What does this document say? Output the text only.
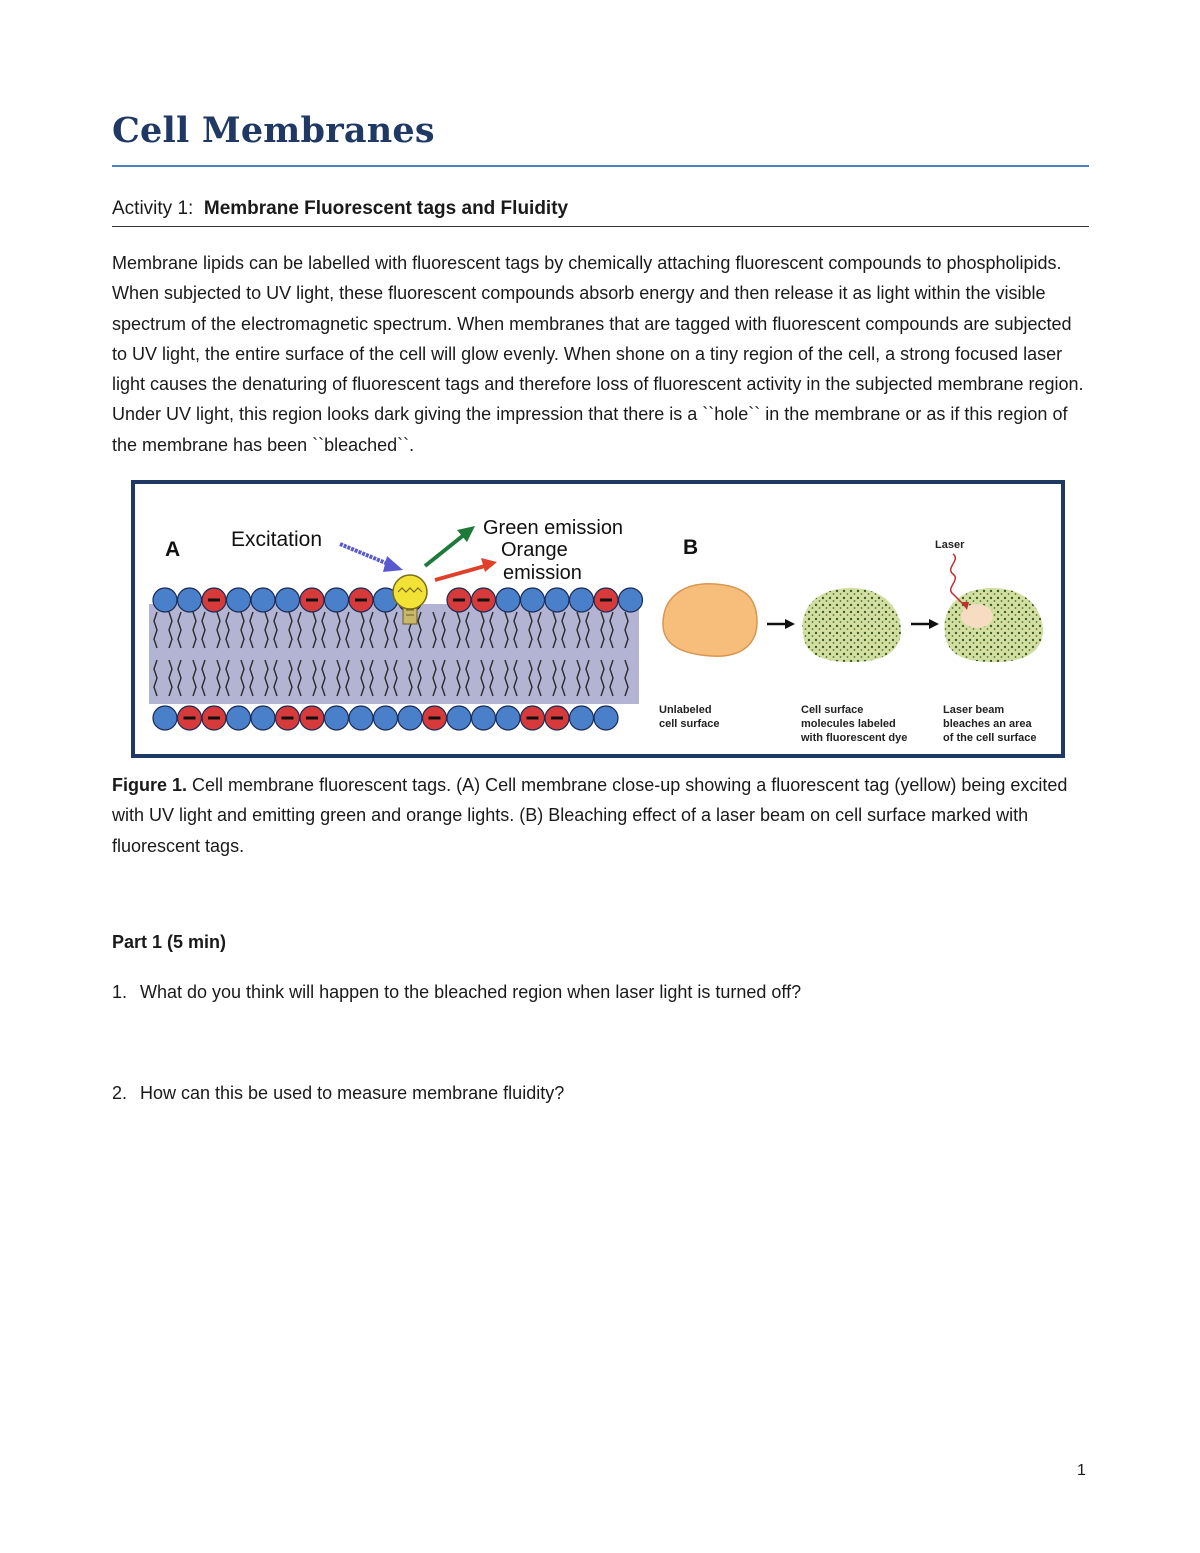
Cell Membranes
Activity 1: Membrane Fluorescent tags and Fluidity

Membrane lipids can be labelled with fluorescent tags by chemically attaching fluorescent compounds to phospholipids. When subjected to UV light, these fluorescent compounds absorb energy and then release it as light within the visible spectrum of the electromagnetic spectrum. When membranes that are tagged with fluorescent compounds are subjected to UV light, the entire surface of the cell will glow evenly. When shone on a tiny region of the cell, a strong focused laser light causes the denaturing of fluorescent tags and therefore loss of fluorescent activity in the subjected membrane region. Under UV light, this region looks dark giving the impression that there is a ``hole`` in the membrane or as if this region of the membrane has been ``bleached``.

A Excitation	Green emission
Orange
emission
B	Laser
Unlabeled
cell surface
Cell surface
molecules labeled
with fluorescent dye
Laser beam
bleaches an area
of the cell surface

Figure 1. Cell membrane fluorescent tags. (A) Cell membrane close-up showing a fluorescent tag (yellow) being excited with UV light and emitting green and orange lights. (B) Bleaching effect of a laser beam on cell surface marked with fluorescent tags.

Part 1 (5 min)
1. What do you think will happen to the bleached region when laser light is turned off?
2. How can this be used to measure membrane fluidity?
1
